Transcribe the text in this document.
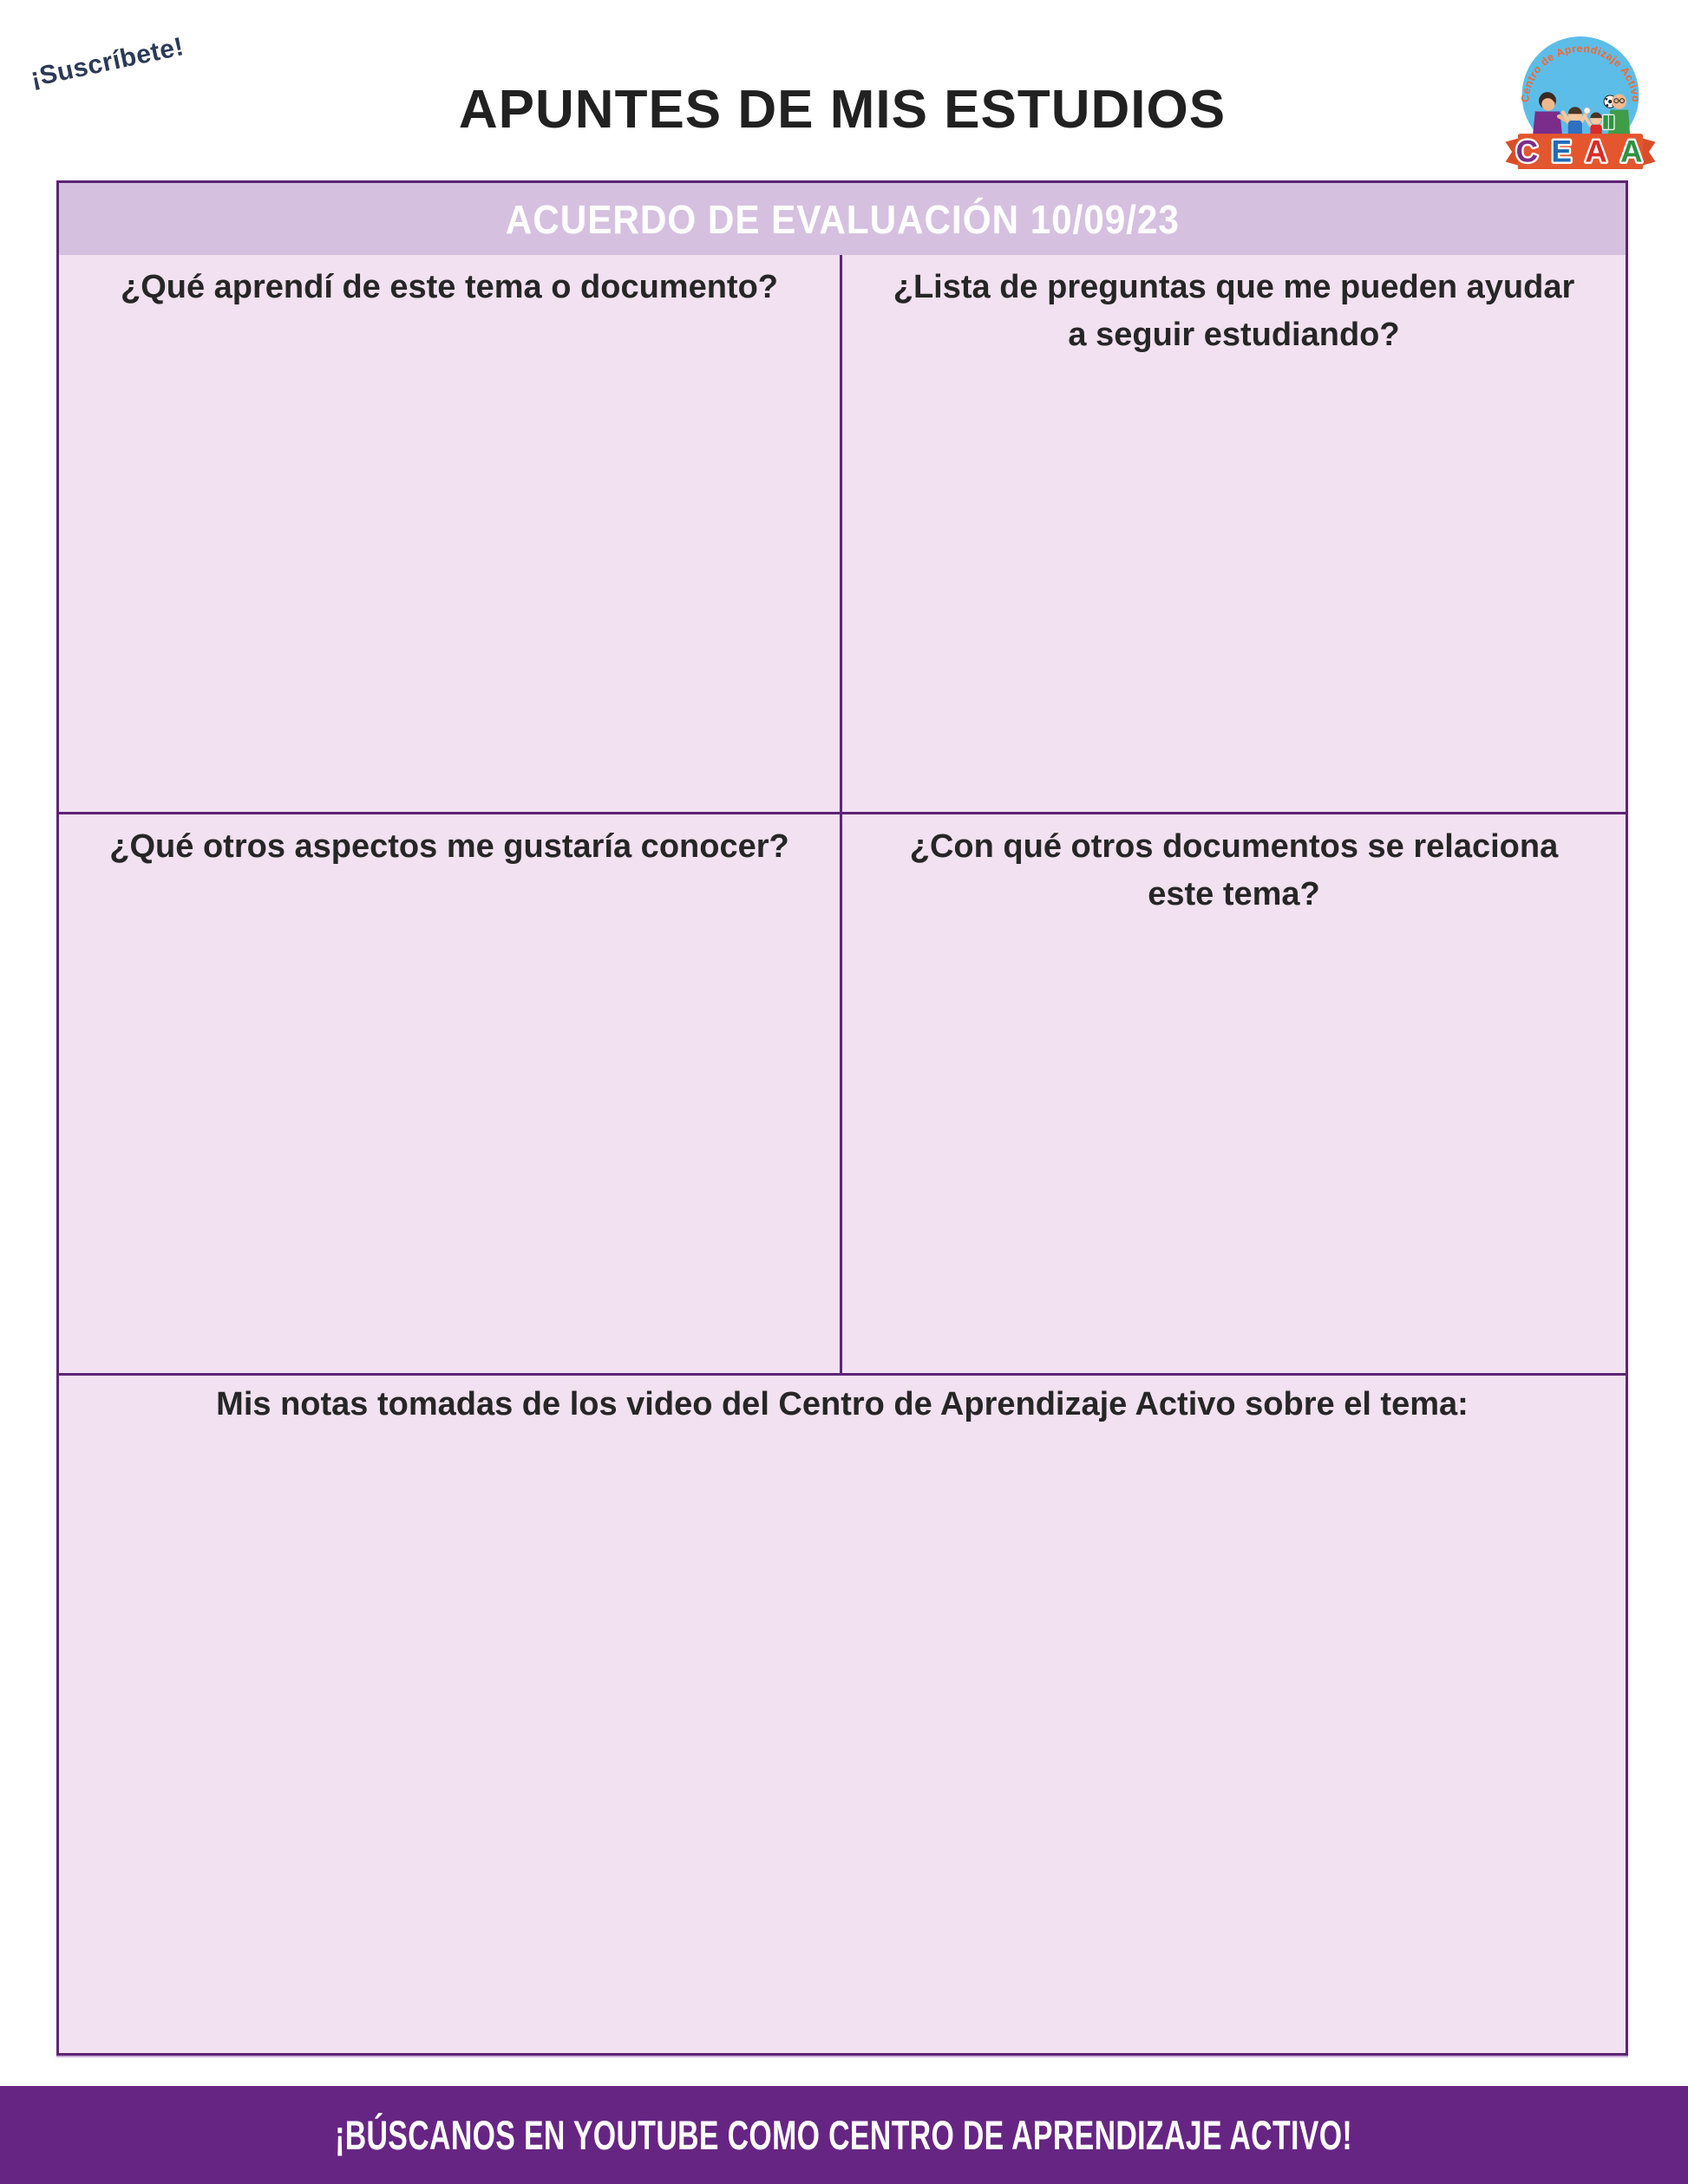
¡Suscríbete!
APUNTES DE MIS ESTUDIOS	Centro de Aprendizaje Activo
C E A A
ACUERDO DE EVALUACIÓN 10/09/23
¿Qué aprendí de este tema o documento?	¿Lista de preguntas que me pueden ayudar a seguir estudiando?
¿Qué otros aspectos me gustaría conocer?	¿Con qué otros documentos se relaciona este tema?
Mis notas tomadas de los video del Centro de Aprendizaje Activo sobre el tema:
¡BÚSCANOS EN YOUTUBE COMO CENTRO DE APRENDIZAJE ACTIVO!
